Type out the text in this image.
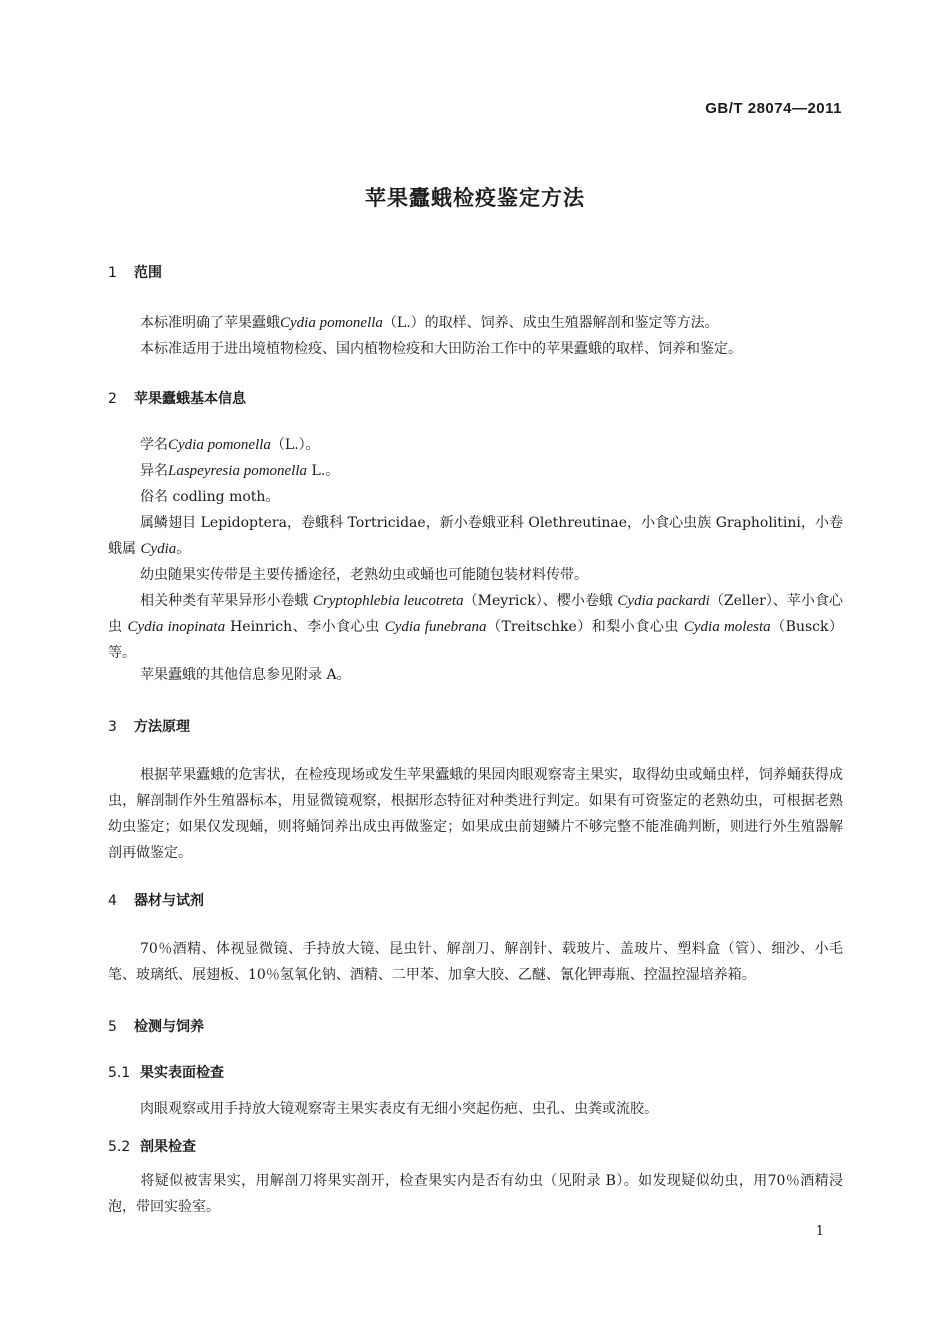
GB/T 28074—2011
苹果蠹蛾检疫鉴定方法
1 范围

本标准明确了苹果蠹蛾Cydia pomonella（L.）的取样、饲养、成虫生殖器解剖和鉴定等方法。
本标准适用于进出境植物检疫、国内植物检疫和大田防治工作中的苹果蠹蛾的取样、饲养和鉴定。

2 苹果蠹蛾基本信息

学名Cydia pomonella（L.）。
异名Laspeyresia pomonella L.。
俗名 codling moth。

属鳞翅目 Lepidoptera，卷蛾科 Tortricidae，新小卷蛾亚科 Olethreutinae，小食心虫族 Grapholitini，小卷蛾属 Cydia。

幼虫随果实传带是主要传播途径，老熟幼虫或蛹也可能随包装材料传带。

相关种类有苹果异形小卷蛾 Cryptophlebia leucotreta（Meyrick）、樱小卷蛾 Cydia packardi（Zeller）、苹小食心虫 Cydia inopinata Heinrich、李小食心虫 Cydia funebrana（Treitschke）和梨小食心虫 Cydia molesta（Busck）等。

苹果蠹蛾的其他信息参见附录 A。

3 方法原理

根据苹果蠹蛾的危害状，在检疫现场或发生苹果蠹蛾的果园肉眼观察寄主果实，取得幼虫或蛹虫样，饲养蛹获得成虫，解剖制作外生殖器标本，用显微镜观察，根据形态特征对种类进行判定。如果有可资鉴定的老熟幼虫，可根据老熟幼虫鉴定；如果仅发现蛹，则将蛹饲养出成虫再做鉴定；如果成虫前翅鳞片不够完整不能准确判断，则进行外生殖器解剖再做鉴定。

4 器材与试剂

70％酒精、体视显微镜、手持放大镜、昆虫针、解剖刀、解剖针、载玻片、盖玻片、塑料盒（管）、细沙、小毛笔、玻璃纸、展翅板、10％氢氧化钠、酒精、二甲苯、加拿大胶、乙醚、氰化钾毒瓶、控温控湿培养箱。

5 检测与饲养
5.1 果实表面检查

肉眼观察或用手持放大镜观察寄主果实表皮有无细小突起伤疤、虫孔、虫粪或流胶。

5.2 剖果检查

将疑似被害果实，用解剖刀将果实剖开，检查果实内是否有幼虫（见附录 B）。如发现疑似幼虫，用70％酒精浸泡，带回实验室。

1
